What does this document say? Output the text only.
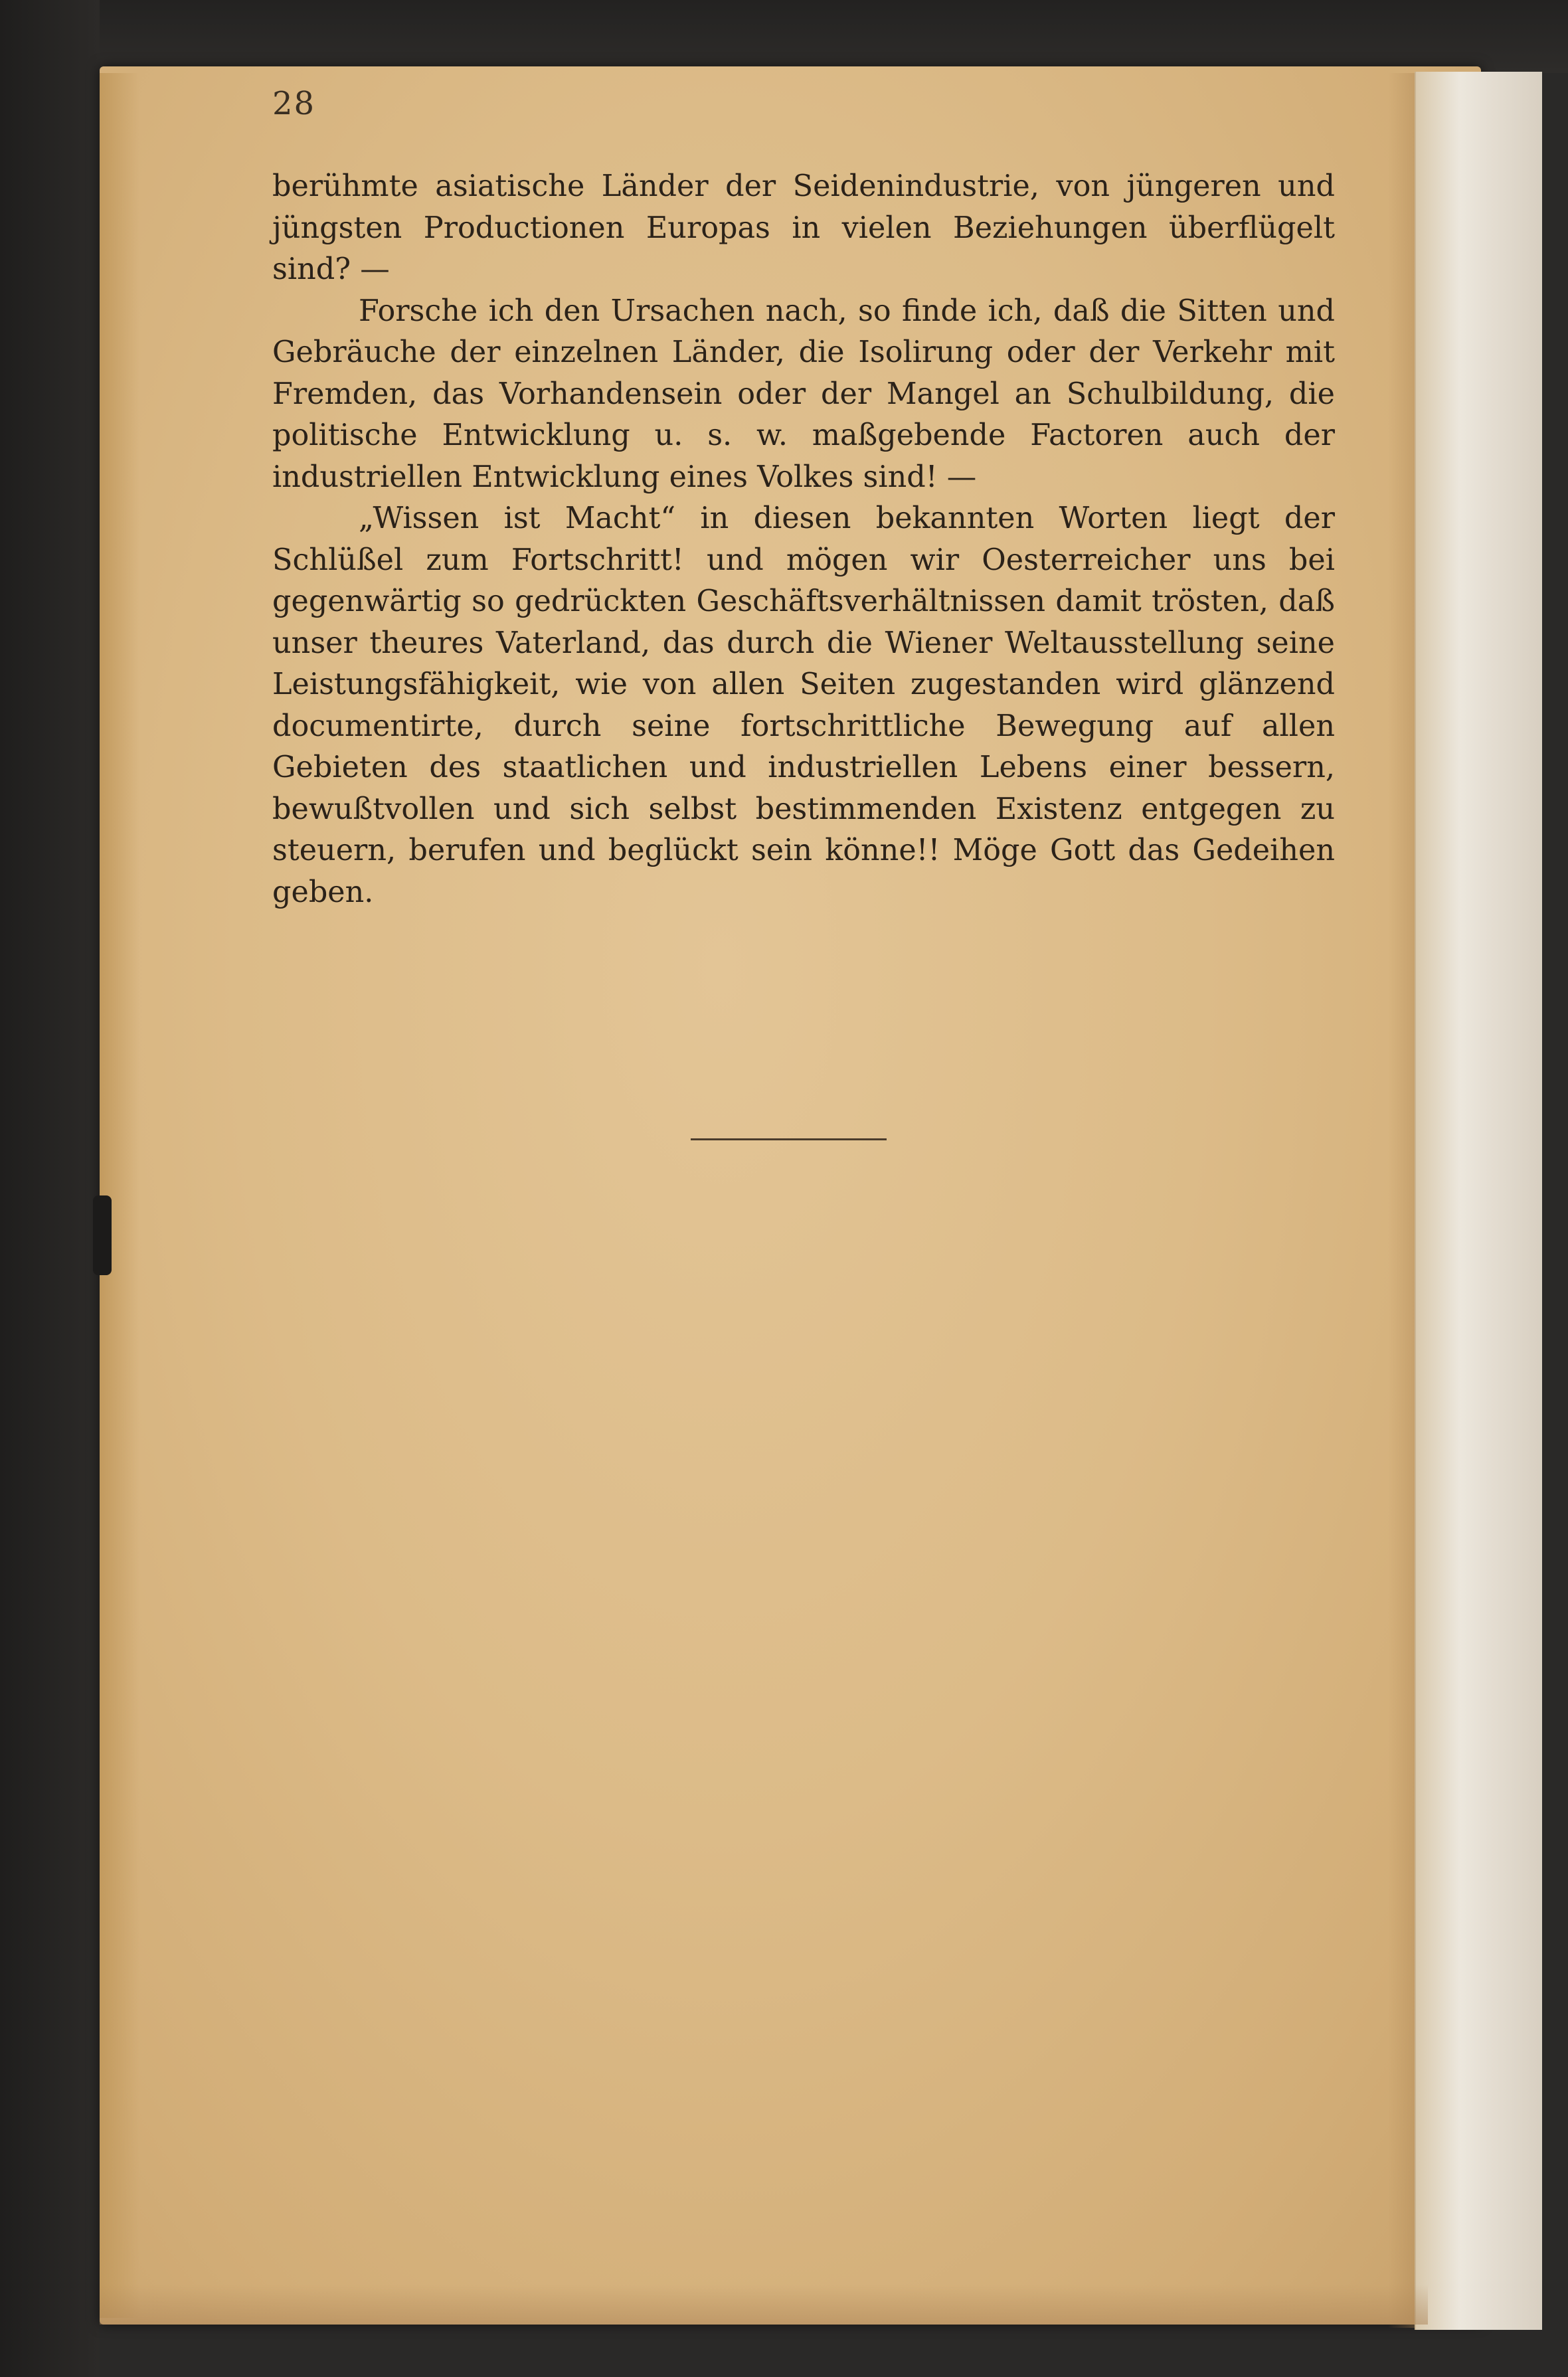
28

berühmte asiatische Länder der Seidenindustrie, von jüngeren und jüngsten Productionen Europas in vielen Beziehungen überflügelt sind? —

Forsche ich den Ursachen nach, so finde ich, daß die Sitten und Gebräuche der einzelnen Länder, die Isolirung oder der Verkehr mit Fremden, das Vorhandensein oder der Mangel an Schulbildung, die politische Entwicklung u. s. w. maßgebende Factoren auch der industriellen Entwicklung eines Volkes sind! —

„Wissen ist Macht“ in diesen bekannten Worten liegt der Schlüßel zum Fortschritt! und mögen wir Oesterreicher uns bei gegenwärtig so gedrückten Geschäftsverhältnissen damit trösten, daß unser theures Vaterland, das durch die Wiener Weltausstellung seine Leistungsfähigkeit, wie von allen Seiten zugestanden wird glänzend documentirte, durch seine fortschrittliche Bewegung auf allen Gebieten des staatlichen und industriellen Lebens einer bessern, bewußtvollen und sich selbst bestimmenden Existenz entgegen zu steuern, berufen und beglückt sein könne!! Möge Gott das Gedeihen geben.
